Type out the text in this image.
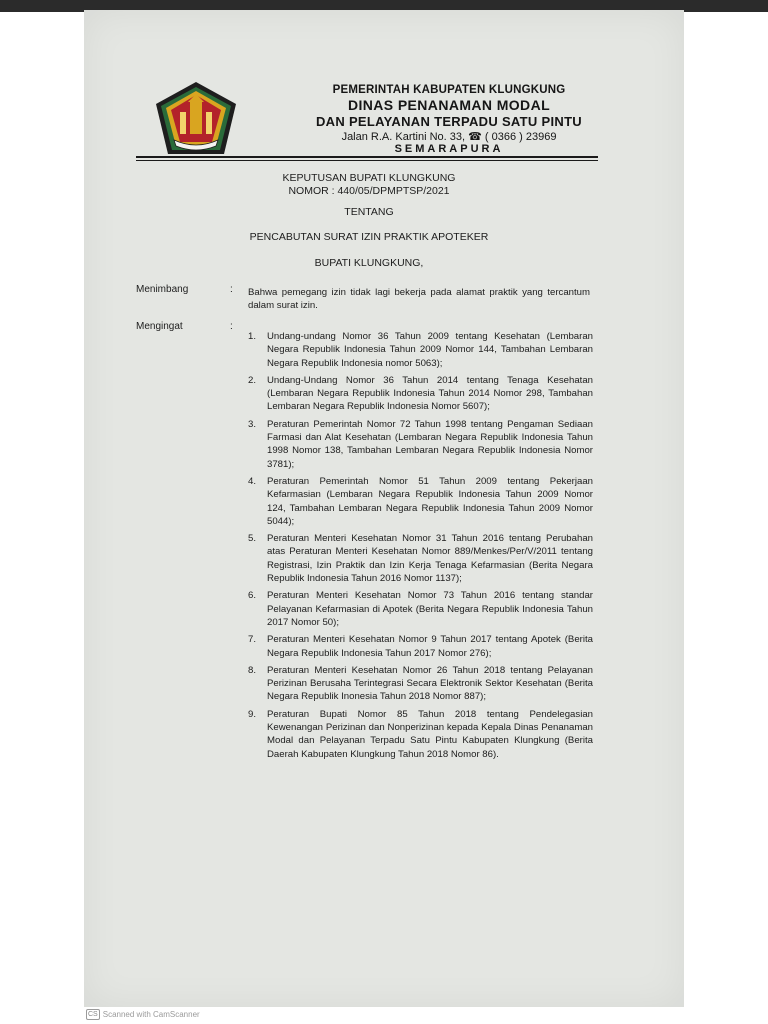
PEMERINTAH KABUPATEN KLUNGKUNG
DINAS PENANAMAN MODAL
DAN PELAYANAN TERPADU SATU PINTU
Jalan R.A. Kartini No. 33, ☎ ( 0366 ) 23969
SEMARAPURA
KEPUTUSAN BUPATI KLUNGKUNG
NOMOR : 440/05/DPMPTSP/2021
TENTANG
PENCABUTAN SURAT IZIN PRAKTIK APOTEKER
BUPATI KLUNGKUNG,
Menimbang	: Bahwa pemegang izin tidak lagi bekerja pada alamat praktik yang tercantum dalam surat izin.
Mengingat	:
1. Undang-undang Nomor 36 Tahun 2009 tentang Kesehatan (Lembaran Negara Republik Indonesia Tahun 2009 Nomor 144, Tambahan Lembaran Negara Republik Indonesia nomor 5063);
2. Undang-Undang Nomor 36 Tahun 2014 tentang Tenaga Kesehatan (Lembaran Negara Republik Indonesia Tahun 2014 Nomor 298, Tambahan Lembaran Negara Republik Indonesia Nomor 5607);
3. Peraturan Pemerintah Nomor 72 Tahun 1998 tentang Pengaman Sediaan Farmasi dan Alat Kesehatan (Lembaran Negara Republik Indonesia Tahun 1998 Nomor 138, Tambahan Lembaran Negara Republik Indonesia Nomor 3781);
4. Peraturan Pemerintah Nomor 51 Tahun 2009 tentang Pekerjaan Kefarmasian (Lembaran Negara Republik Indonesia Tahun 2009 Nomor 124, Tambahan Lembaran Negara Republik Indonesia Tahun 2009 Nomor 5044);
5. Peraturan Menteri Kesehatan Nomor 31 Tahun 2016 tentang Perubahan atas Peraturan Menteri Kesehatan Nomor 889/Menkes/Per/V/2011 tentang Registrasi, Izin Praktik dan Izin Kerja Tenaga Kefarmasian (Berita Negara Republik Indonesia Tahun 2016 Nomor 1137);
6. Peraturan Menteri Kesehatan Nomor 73 Tahun 2016 tentang standar Pelayanan Kefarmasian di Apotek (Berita Negara Republik Indonesia Tahun 2017 Nomor 50);
7. Peraturan Menteri Kesehatan Nomor 9 Tahun 2017 tentang Apotek (Berita Negara Republik Indonesia Tahun 2017 Nomor 276);
8. Peraturan Menteri Kesehatan Nomor 26 Tahun 2018 tentang Pelayanan Perizinan Berusaha Terintegrasi Secara Elektronik Sektor Kesehatan (Berita Negara Republik Inonesia Tahun 2018 Nomor 887);
9. Peraturan Bupati Nomor 85 Tahun 2018 tentang Pendelegasian Kewenangan Perizinan dan Nonperizinan kepada Kepala Dinas Penanaman Modal dan Pelayanan Terpadu Satu Pintu Kabupaten Klungkung (Berita Daerah Kabupaten Klungkung Tahun 2018 Nomor 86).
CS Scanned with CamScanner
